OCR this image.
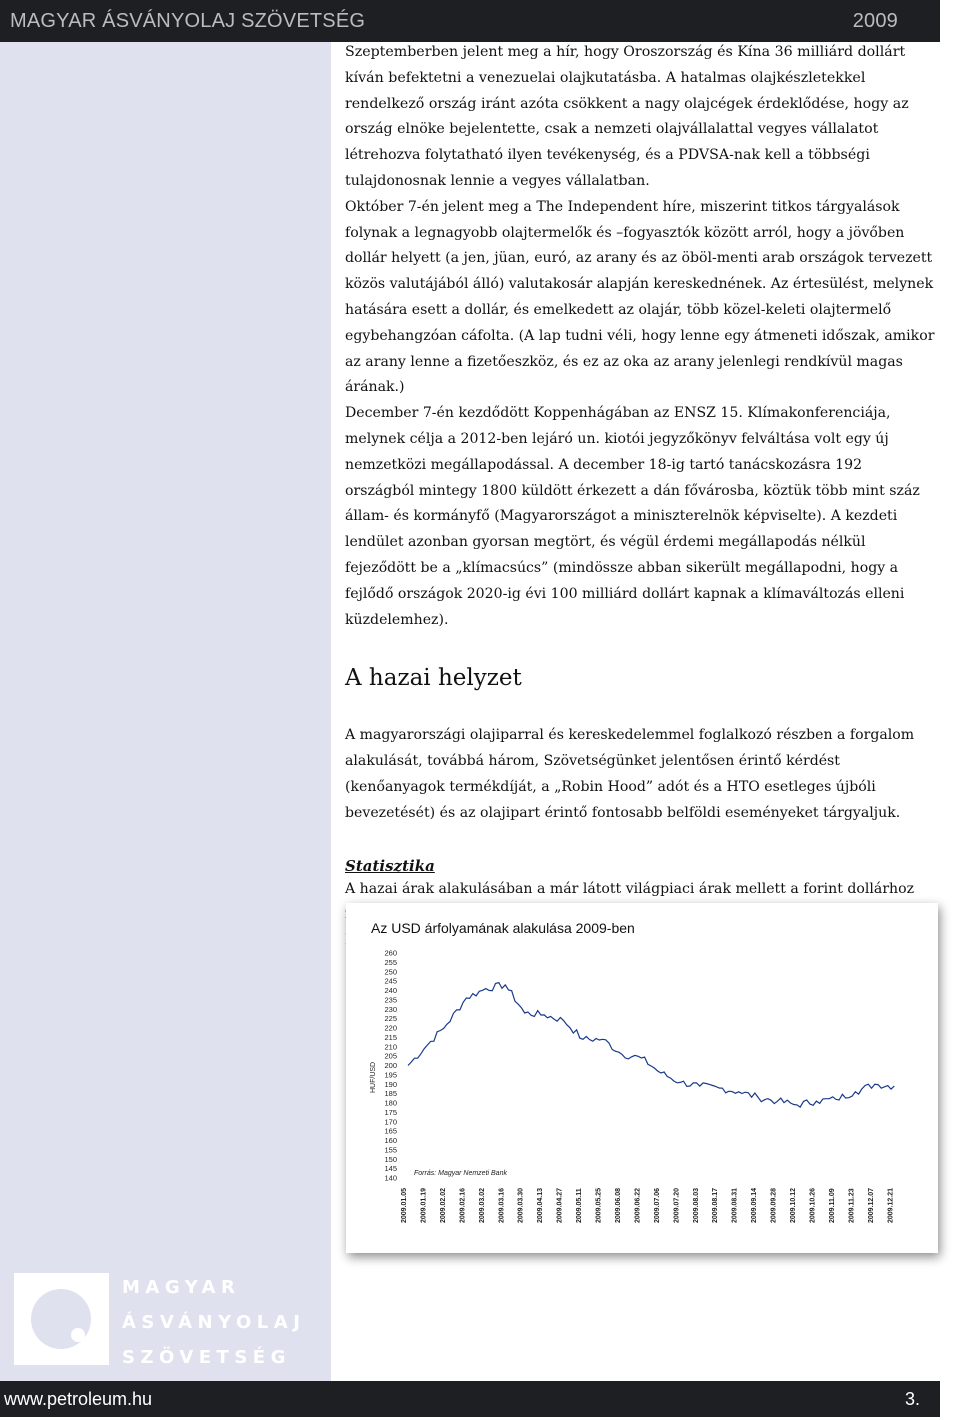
MAGYAR ÁSVÁNYOLAJ SZÖVETSÉG	2009

Szeptemberben jelent meg a hír, hogy Oroszország és Kína 36 milliárd dollárt kíván befektetni a venezuelai olajkutatásba. A hatalmas olajkészletekkel rendelkező ország iránt azóta csökkent a nagy olajcégek érdeklődése, hogy az ország elnöke bejelentette, csak a nemzeti olajvállalattal vegyes vállalatot létrehozva folytatható ilyen tevékenység, és a PDVSA-nak kell a többségi tulajdonosnak lennie a vegyes vállalatban.

Október 7-én jelent meg a The Independent híre, miszerint titkos tárgyalások folynak a legnagyobb olajtermelők és –fogyasztók között arról, hogy a jövőben dollár helyett (a jen, jüan, euró, az arany és az öböl-menti arab országok tervezett közös valutájából álló) valutakosár alapján kereskednének. Az értesülést, melynek hatására esett a dollár, és emelkedett az olajár, több közel-keleti olajtermelő egybehangzóan cáfolta. (A lap tudni véli, hogy lenne egy átmeneti időszak, amikor az arany lenne a fizetőeszköz, és ez az oka az arany jelenlegi rendkívül magas árának.)

December 7-én kezdődött Koppenhágában az ENSZ 15. Klímakonferenciája, melynek célja a 2012-ben lejáró un. kiotói jegyzőkönyv felváltása volt egy új nemzetközi megállapodással. A december 18-ig tartó tanácskozásra 192 országból mintegy 1800 küldött érkezett a dán fővárosba, köztük több mint száz állam- és kormányfő (Magyarországot a miniszterelnök képviselte). A kezdeti lendület azonban gyorsan megtört, és végül érdemi megállapodás nélkül fejeződött be a „klímacsúcs” (mindössze abban sikerült megállapodni, hogy a fejlődő országok 2020-ig évi 100 milliárd dollárt kapnak a klímaváltozás elleni küzdelemhez).

A hazai helyzet

A magyarországi olajiparral és kereskedelemmel foglalkozó részben a forgalom alakulását, továbbá három, Szövetségünket jelentősen érintő kérdést (kenőanyagok termékdíját, a „Robin Hood” adót és a HTO esetleges újbóli bevezetését) és az olajipart érintő fontosabb belföldi eseményeket tárgyaljuk.

Statisztika

A hazai árak alakulásában a már látott világpiaci árak mellett a forint dollárhoz

Az USD árfolyamának alakulása 2009-ben
HUF/USD
260
255
250
245
240
235
230
225
220
215
210
205
200
195
190
185
180
175
170
165
160
155
150
145
140
2009.01.05 2009.01.19 2009.02.02 2009.02.16 2009.03.02 2009.03.16 2009.03.30 2009.04.13 2009.04.27 2009.05.11 2009.05.25 2009.06.08 2009.06.22 2009.07.06 2009.07.20 2009.08.03 2009.08.17 2009.08.31 2009.09.14 2009.09.28 2009.10.12 2009.10.26 2009.11.09 2009.11.23 2009.12.07 2009.12.21
Forrás: Magyar Nemzeti Bank
MAGYAR
ÁSVÁNYOLAJ
SZÖVETSÉG
www.petroleum.hu	3.
